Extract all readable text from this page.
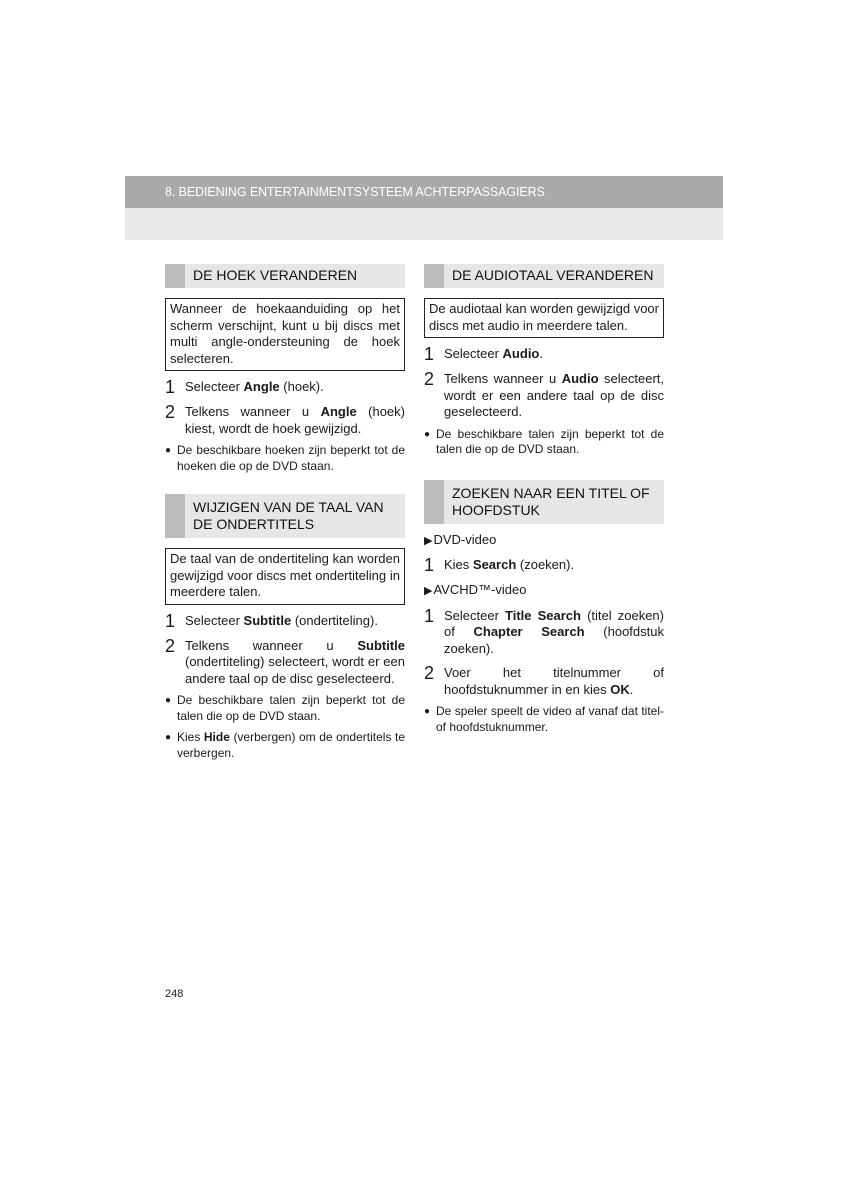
8. BEDIENING ENTERTAINMENTSYSTEEM ACHTERPASSAGIERS
DE HOEK VERANDEREN
Wanneer de hoekaanduiding op het scherm verschijnt, kunt u bij discs met multi angle-ondersteuning de hoek selecteren.
1 Selecteer Angle (hoek).
2 Telkens wanneer u Angle (hoek) kiest, wordt de hoek gewijzigd.
● De beschikbare hoeken zijn beperkt tot de hoeken die op de DVD staan.
WIJZIGEN VAN DE TAAL VAN DE ONDERTITELS
De taal van de ondertiteling kan worden gewijzigd voor discs met ondertiteling in meerdere talen.
1 Selecteer Subtitle (ondertiteling).
2 Telkens wanneer u Subtitle (ondertiteling) selecteert, wordt er een andere taal op de disc geselecteerd.
● De beschikbare talen zijn beperkt tot de talen die op de DVD staan.
● Kies Hide (verbergen) om de ondertitels te verbergen.
DE AUDIOTAAL VERANDEREN
De audiotaal kan worden gewijzigd voor discs met audio in meerdere talen.
1 Selecteer Audio.
2 Telkens wanneer u Audio selecteert, wordt er een andere taal op de disc geselecteerd.
● De beschikbare talen zijn beperkt tot de talen die op de DVD staan.
ZOEKEN NAAR EEN TITEL OF HOOFDSTUK
▶DVD-video
1 Kies Search (zoeken).
▶AVCHD™-video
1 Selecteer Title Search (titel zoeken) of Chapter Search (hoofdstuk zoeken).
2 Voer het titelnummer of hoofdstuknummer in en kies OK.
● De speler speelt de video af vanaf dat titel- of hoofdstuknummer.
248
